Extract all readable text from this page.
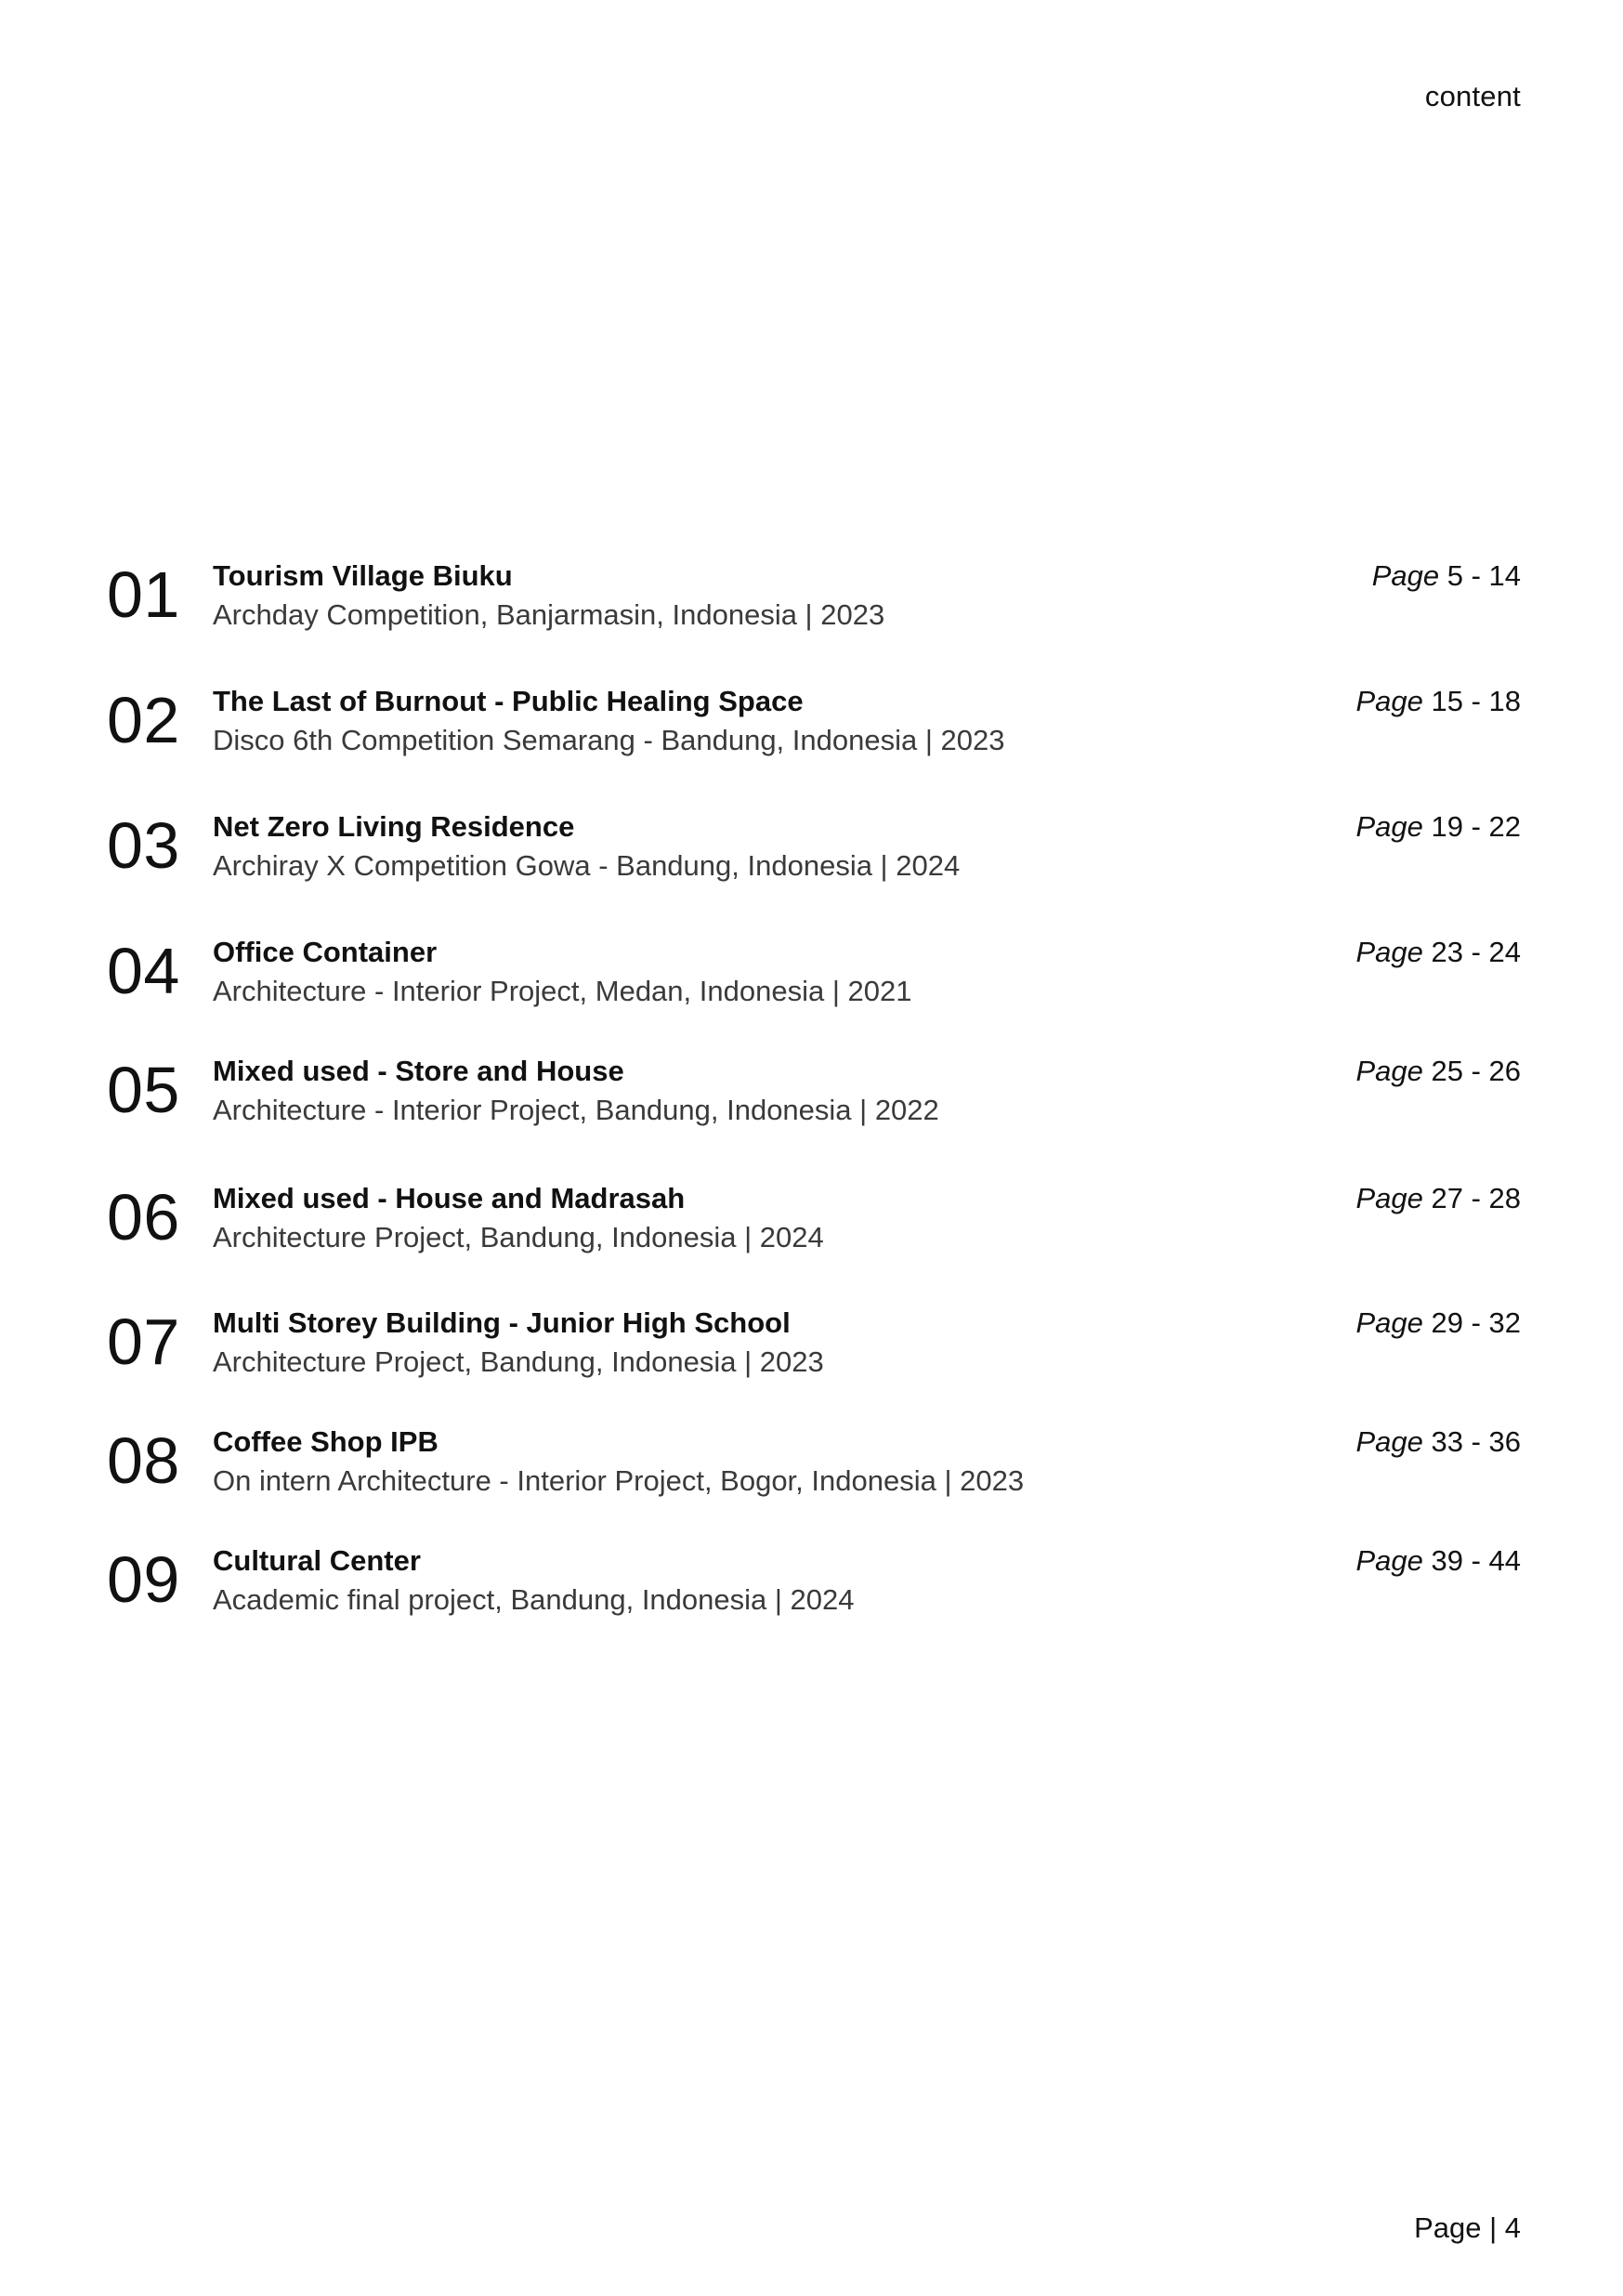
content
01 Tourism Village Biuku
Archday Competition, Banjarmasin, Indonesia | 2023
Page 5 - 14
02 The Last of Burnout - Public Healing Space
Disco 6th Competition Semarang - Bandung, Indonesia | 2023
Page 15 - 18
03 Net Zero Living Residence
Archiray X Competition Gowa - Bandung, Indonesia | 2024
Page 19 - 22
04 Office Container
Architecture - Interior Project, Medan, Indonesia | 2021
Page 23 - 24
05 Mixed used - Store and House
Architecture - Interior Project, Bandung, Indonesia | 2022
Page 25 - 26
06 Mixed used - House and Madrasah
Architecture Project, Bandung, Indonesia | 2024
Page 27 - 28
07 Multi Storey Building - Junior High School
Architecture Project, Bandung, Indonesia | 2023
Page 29 - 32
08 Coffee Shop IPB
On intern Architecture - Interior Project, Bogor, Indonesia | 2023
Page 33 - 36
09 Cultural Center
Academic final project, Bandung, Indonesia | 2024
Page 39 - 44
Page | 4
